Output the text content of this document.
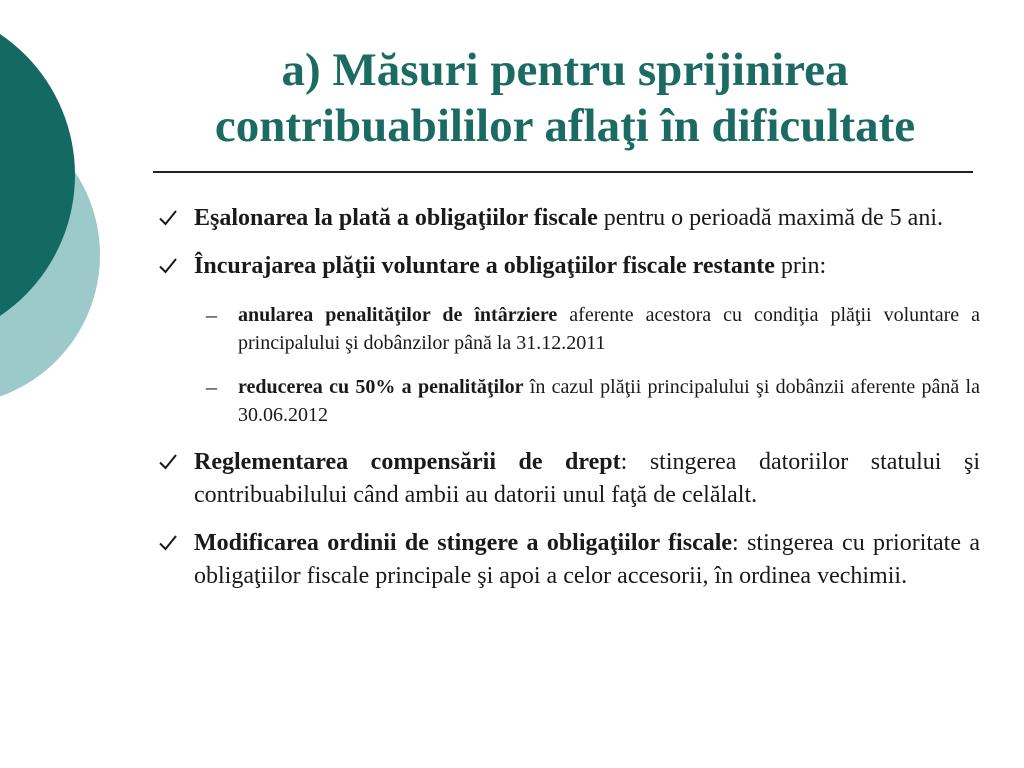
a) Măsuri pentru sprijinirea
contribuabililor aflaţi în dificultate
Eşalonarea la plată a obligaţiilor fiscale pentru o perioadă maximă de 5 ani.
Încurajarea plăţii voluntare a obligaţiilor fiscale restante prin:
– anularea penalităţilor de întârziere aferente acestora cu condiţia plăţii voluntare a principalului şi dobânzilor până la 31.12.2011
– reducerea cu 50% a penalităţilor în cazul plăţii principalului şi dobânzii aferente până la 30.06.2012
Reglementarea compensării de drept: stingerea datoriilor statului şi contribuabilului când ambii au datorii unul faţă de celălalt.
Modificarea ordinii de stingere a obligaţiilor fiscale: stingerea cu prioritate a obligaţiilor fiscale principale şi apoi a celor accesorii, în ordinea vechimii.
